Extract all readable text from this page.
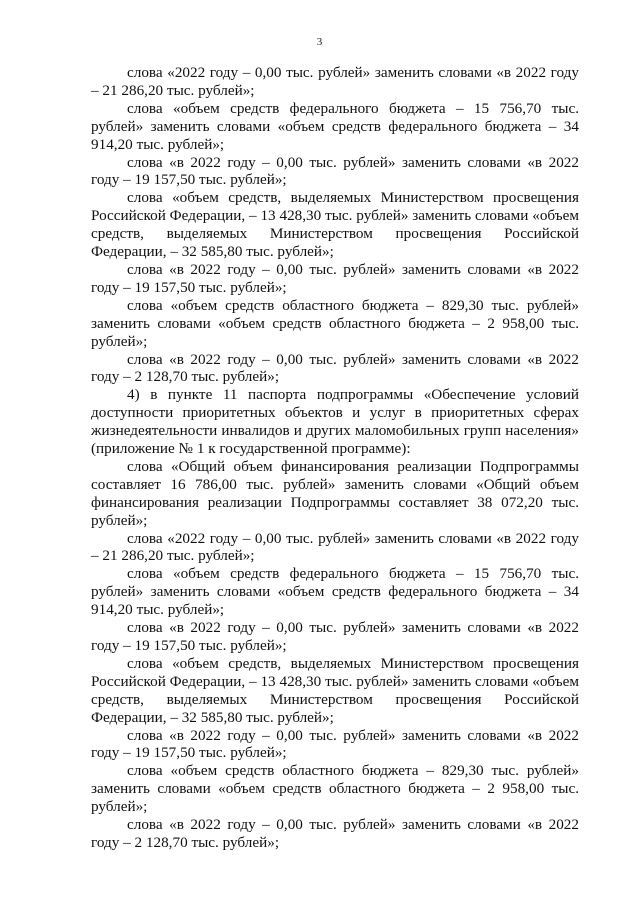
3

слова «2022 году – 0,00 тыс. рублей» заменить словами «в 2022 году – 21 286,20 тыс. рублей»;

слова «объем средств федерального бюджета – 15 756,70 тыс. рублей» заменить словами «объем средств федерального бюджета – 34 914,20 тыс. рублей»;

слова «в 2022 году – 0,00 тыс. рублей» заменить словами «в 2022 году – 19 157,50 тыс. рублей»;

слова «объем средств, выделяемых Министерством просвещения Российской Федерации, – 13 428,30 тыс. рублей» заменить словами «объем средств, выделяемых Министерством просвещения Российской Федерации, – 32 585,80 тыс. рублей»;

слова «в 2022 году – 0,00 тыс. рублей» заменить словами «в 2022 году – 19 157,50 тыс. рублей»;

слова «объем средств областного бюджета – 829,30 тыс. рублей» заменить словами «объем средств областного бюджета – 2 958,00 тыс. рублей»;

слова «в 2022 году – 0,00 тыс. рублей» заменить словами «в 2022 году – 2 128,70 тыс. рублей»;

4) в пункте 11 паспорта подпрограммы «Обеспечение условий доступности приоритетных объектов и услуг в приоритетных сферах жизнедеятельности инвалидов и других маломобильных групп населения» (приложение № 1 к государственной программе):

слова «Общий объем финансирования реализации Подпрограммы составляет 16 786,00 тыс. рублей» заменить словами «Общий объем финансирования реализации Подпрограммы составляет 38 072,20 тыс. рублей»;

слова «2022 году – 0,00 тыс. рублей» заменить словами «в 2022 году – 21 286,20 тыс. рублей»;

слова «объем средств федерального бюджета – 15 756,70 тыс. рублей» заменить словами «объем средств федерального бюджета – 34 914,20 тыс. рублей»;

слова «в 2022 году – 0,00 тыс. рублей» заменить словами «в 2022 году – 19 157,50 тыс. рублей»;

слова «объем средств, выделяемых Министерством просвещения Российской Федерации, – 13 428,30 тыс. рублей» заменить словами «объем средств, выделяемых Министерством просвещения Российской Федерации, – 32 585,80 тыс. рублей»;

слова «в 2022 году – 0,00 тыс. рублей» заменить словами «в 2022 году – 19 157,50 тыс. рублей»;

слова «объем средств областного бюджета – 829,30 тыс. рублей» заменить словами «объем средств областного бюджета – 2 958,00 тыс. рублей»;

слова «в 2022 году – 0,00 тыс. рублей» заменить словами «в 2022 году – 2 128,70 тыс. рублей»;
